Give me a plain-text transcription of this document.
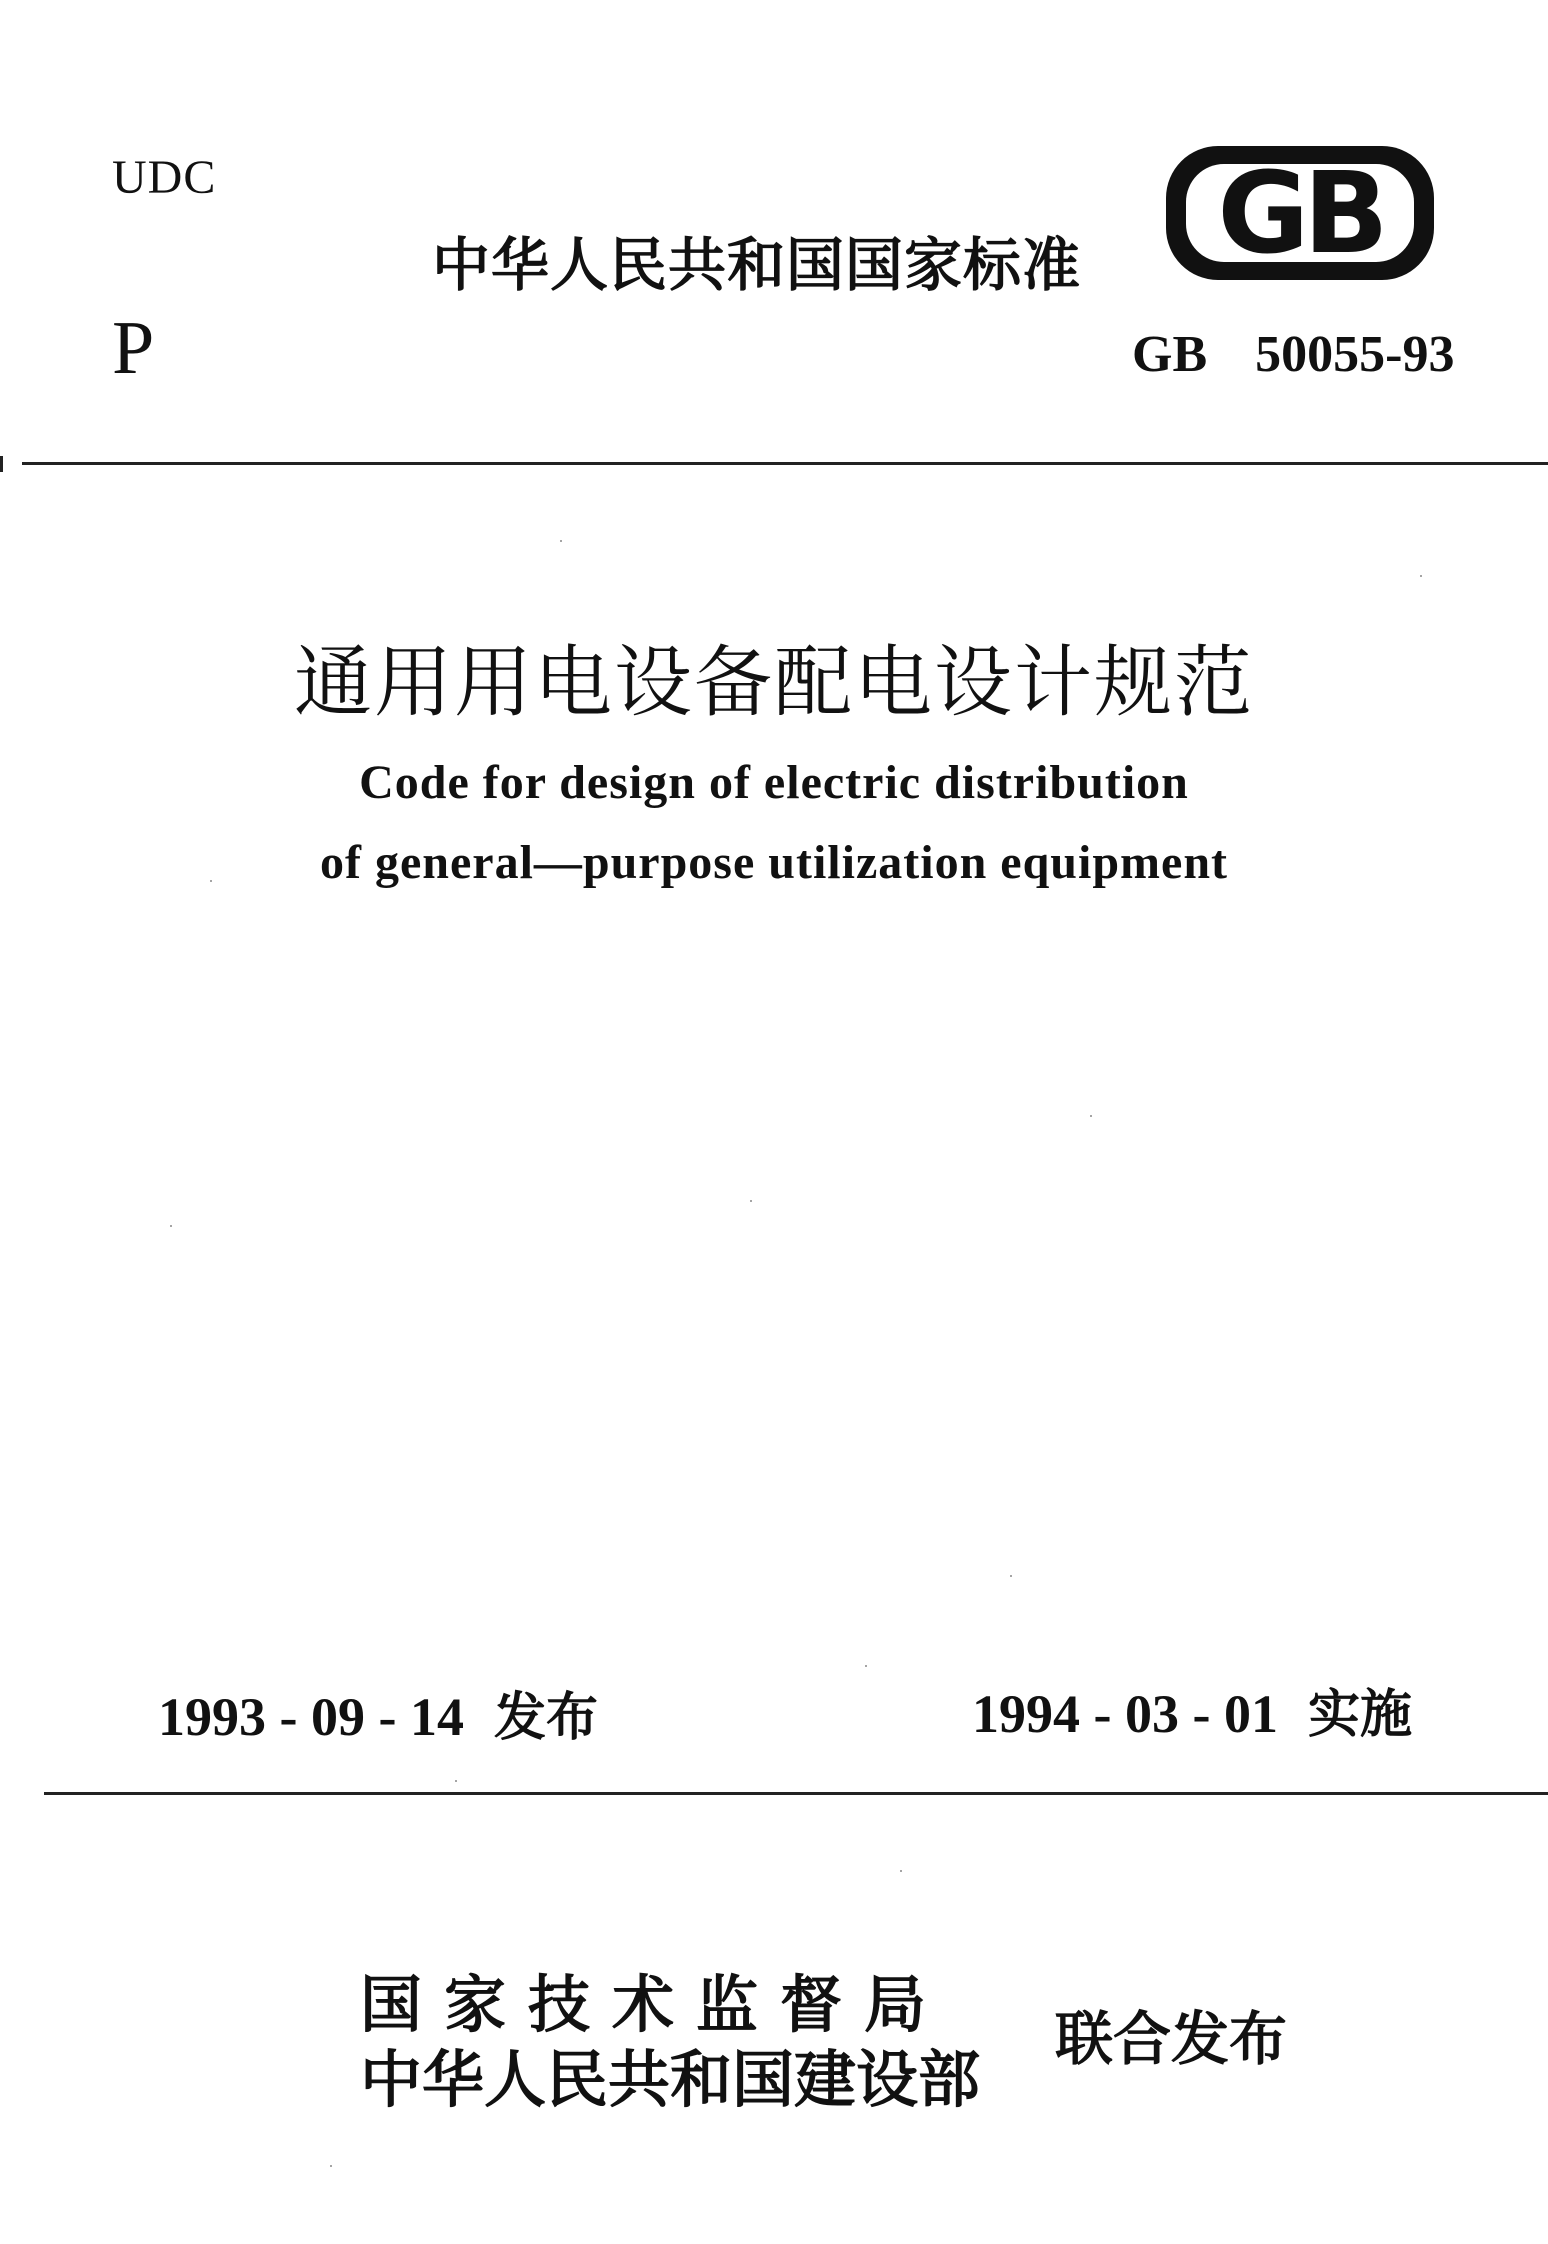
UDC
P
中华人民共和国国家标准 GB
GB 50055-93
通用用电设备配电设计规范
Code for design of electric distribution
of general—purpose utilization equipment
1993 - 09 - 14 发布	1994 - 03 - 01 实施
国家技术监督局
中华人民共和国建设部
联合发布
